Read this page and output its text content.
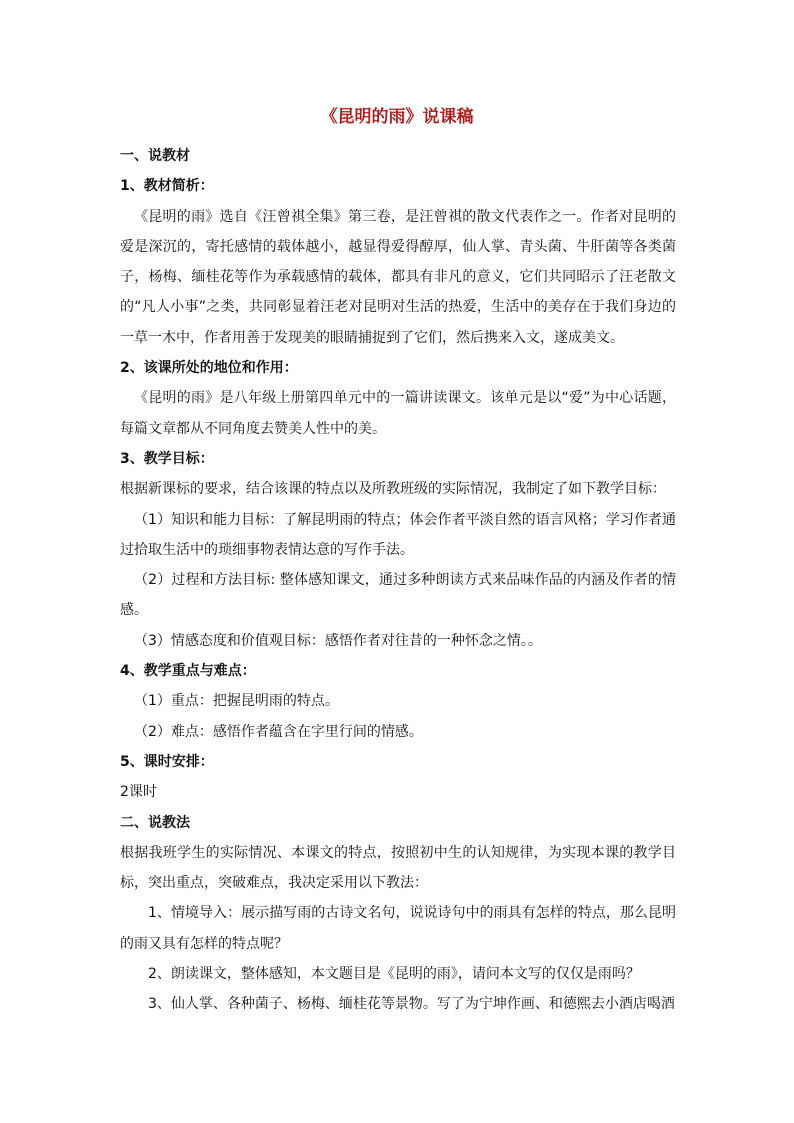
《昆明的雨》说课稿

一、说教材

1、教材简析：

《昆明的雨》选自《汪曾祺全集》第三卷，是汪曾祺的散文代表作之一。作者对昆明的爱是深沉的，寄托感情的载体越小，越显得爱得醇厚，仙人掌、青头菌、牛肝菌等各类菌子，杨梅、缅桂花等作为承载感情的载体，都具有非凡的意义，它们共同昭示了汪老散文的“凡人小事”之类，共同彰显着汪老对昆明对生活的热爱，生活中的美存在于我们身边的一草一木中，作者用善于发现美的眼睛捕捉到了它们，然后携来入文，遂成美文。

2、该课所处的地位和作用：

《昆明的雨》是八年级上册第四单元中的一篇讲读课文。该单元是以“爱”为中心话题，每篇文章都从不同角度去赞美人性中的美。

3、教学目标：

根据新课标的要求，结合该课的特点以及所教班级的实际情况，我制定了如下教学目标：

（1）知识和能力目标：了解昆明雨的特点；体会作者平淡自然的语言风格；学习作者通过拾取生活中的琐细事物表情达意的写作手法。

（2）过程和方法目标: 整体感知课文，通过多种朗读方式来品味作品的内涵及作者的情感。

（3）情感态度和价值观目标：感悟作者对往昔的一种怀念之情。。

4、教学重点与难点：

（1）重点：把握昆明雨的特点。

（2）难点：感悟作者蕴含在字里行间的情感。

5、课时安排：

2课时

二、说教法

根据我班学生的实际情况、本课文的特点，按照初中生的认知规律，为实现本课的教学目标，突出重点，突破难点，我决定采用以下教法：

1、情境导入：展示描写雨的古诗文名句，说说诗句中的雨具有怎样的特点，那么昆明的雨又具有怎样的特点呢？

2、朗读课文，整体感知，本文题目是《昆明的雨》，请问本文写的仅仅是雨吗？

3、仙人掌、各种菌子、杨梅、缅桂花等景物。写了为宁坤作画、和德熙去小酒店喝酒
